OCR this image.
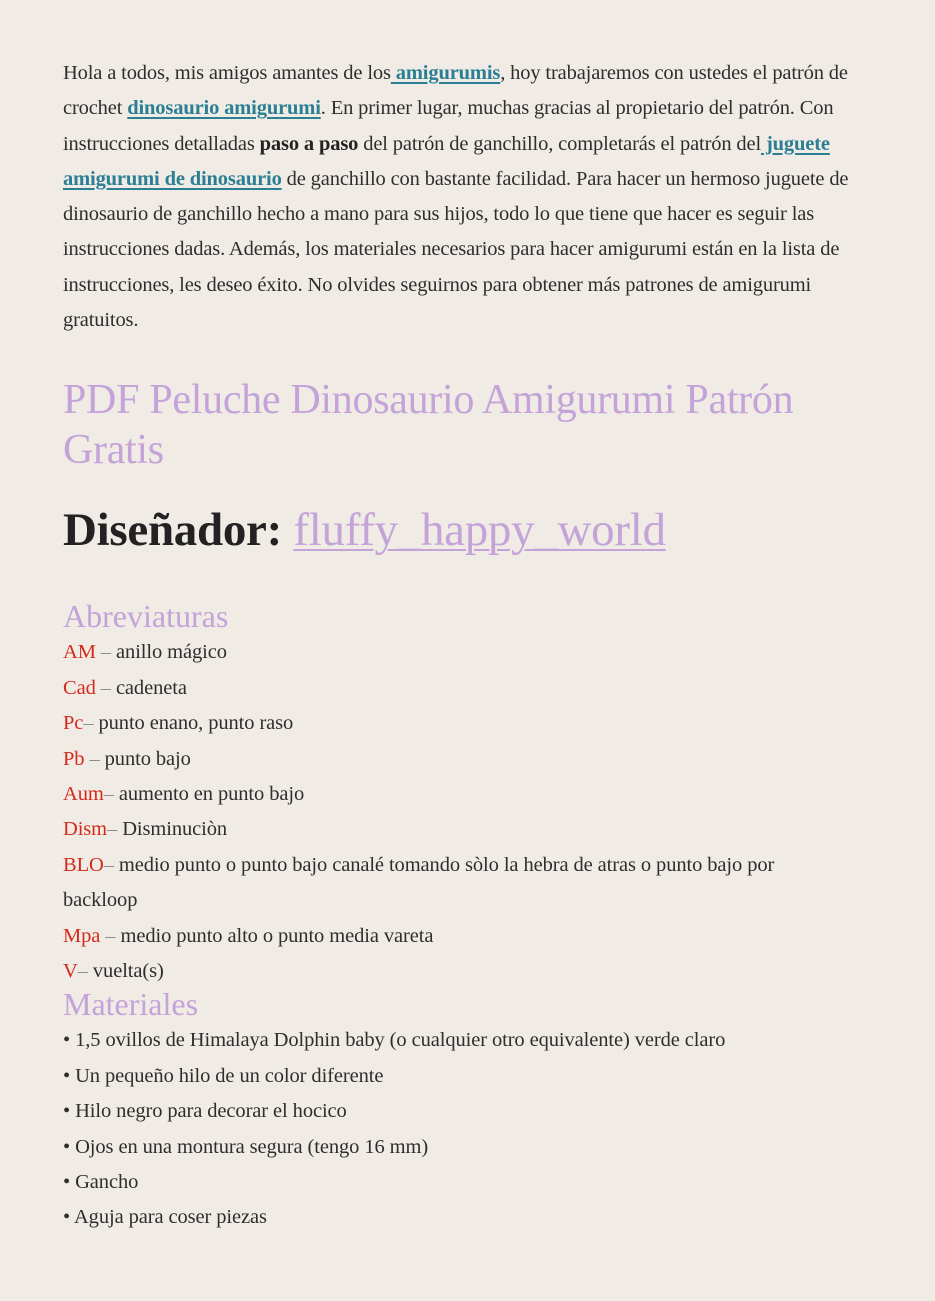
Hola a todos, mis amigos amantes de los amigurumis, hoy trabajaremos con ustedes el patrón de crochet dinosaurio amigurumi. En primer lugar, muchas gracias al propietario del patrón. Con instrucciones detalladas paso a paso del patrón de ganchillo, completarás el patrón del juguete amigurumi de dinosaurio de ganchillo con bastante facilidad. Para hacer un hermoso juguete de dinosaurio de ganchillo hecho a mano para sus hijos, todo lo que tiene que hacer es seguir las instrucciones dadas. Además, los materiales necesarios para hacer amigurumi están en la lista de instrucciones, les deseo éxito. No olvides seguirnos para obtener más patrones de amigurumi gratuitos.

PDF Peluche Dinosaurio Amigurumi Patrón Gratis
Diseñador: fluffy_happy_world
Abreviaturas
AM – anillo mágico
Cad – cadeneta
Pc– punto enano, punto raso
Pb – punto bajo
Aum– aumento en punto bajo
Dism– Disminuciòn
BLO– medio punto o punto bajo canalé tomando sòlo la hebra de atras o punto bajo por backloop
Mpa – medio punto alto o punto media vareta
V– vuelta(s)
Materiales
• 1,5 ovillos de Himalaya Dolphin baby (o cualquier otro equivalente) verde claro
• Un pequeño hilo de un color diferente
• Hilo negro para decorar el hocico
• Ojos en una montura segura (tengo 16 mm)
• Gancho
• Aguja para coser piezas
